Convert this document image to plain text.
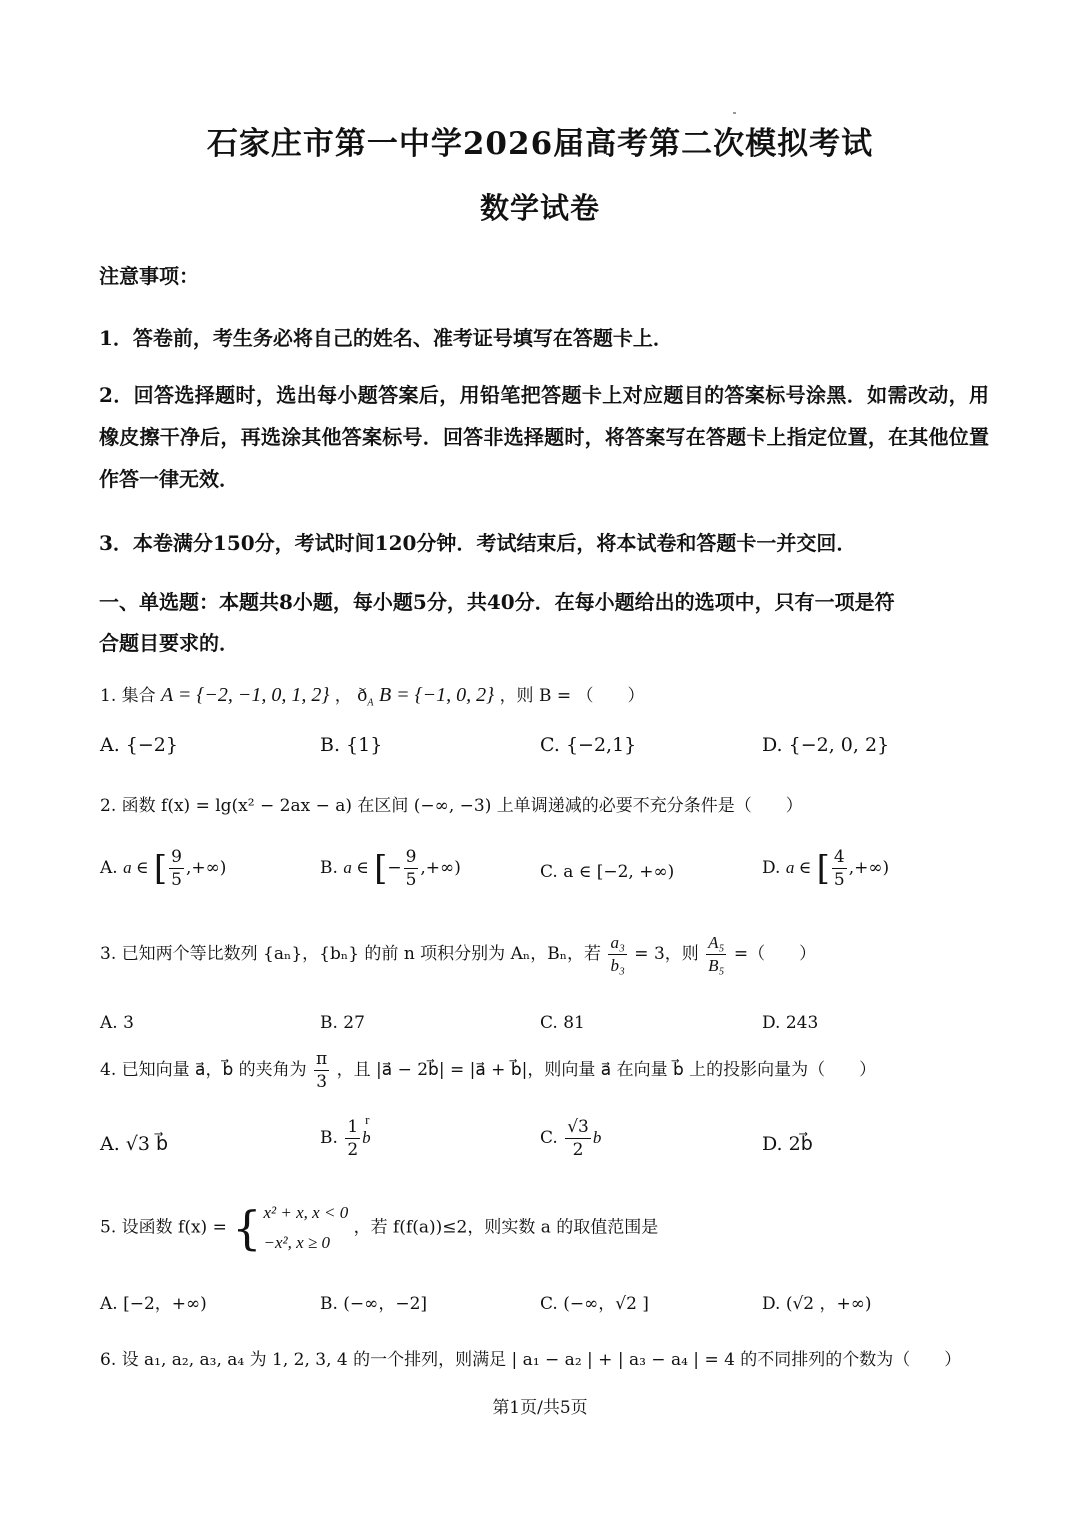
石家庄市第一中学2026届高考第二次模拟考试
数学试卷
注意事项：
1．答卷前，考生务必将自己的姓名、准考证号填写在答题卡上．
2．回答选择题时，选出每小题答案后，用铅笔把答题卡上对应题目的答案标号涂黑．如需改动，用橡皮擦干净后，再选涂其他答案标号．回答非选择题时，将答案写在答题卡上指定位置，在其他位置作答一律无效．
3．本卷满分150分，考试时间120分钟．考试结束后，将本试卷和答题卡一并交回．
一、单选题：本题共8小题，每小题5分，共40分．在每小题给出的选项中，只有一项是符
合题目要求的．
1. 集合 A = {−2, −1, 0, 1, 2} ， $ð_A$ B = {−1, 0, 2} ，则 B = （　　）
A. {−2}	B. {1}	C. {−2,1}	D. {−2, 0, 2}
2. 函数 f(x) = lg(x² − 2ax − a) 在区间 (−∞, −3) 上单调递减的必要不充分条件是（　　）
A. a ∈ [ $\frac{9}{5}$ ,+∞)	B. a ∈ [− $\frac{9}{5}$ ,+∞)	C. a ∈ [−2, +∞)	D. a ∈ [ $\frac{4}{5}$ ,+∞)
3. 已知两个等比数列 {aₙ}，{bₙ} 的前 n 项积分别为 Aₙ，Bₙ，若 $\frac{\text{a₃}}{\text{b₃}} = 3$，则 $\frac{\text{A₅}}{\text{B₅}}$ =（　　）
A. 3	B. 27	C. 81	D. 243
4. 已知向量 a⃗，b⃗ 的夹角为 $\frac{\pi}{3}$ ，且 |a⃗ − 2b⃗| = |a⃗ + b⃗|，则向量 a⃗ 在向量 b⃗ 上的投影向量为（　　）
A. √3 b⃗	B. $\frac{1}{2}$ r
b	C. $\frac{√3}{2}$ b⃗	D. 2b⃗
5. 设函数 f(x) = { x² + x, x < 0
−x², x ≥ 0
，若 f(f(a))≤2，则实数 a 的取值范围是
A. [−2，+∞)	B. (−∞，−2]	C. (−∞，√2 ]	D. (√2 ，+∞)
6. 设 a₁, a₂, a₃, a₄ 为 1, 2, 3, 4 的一个排列，则满足 | a₁ − a₂ | + | a₃ − a₄ | = 4 的不同排列的个数为（　　）
第1页/共5页
